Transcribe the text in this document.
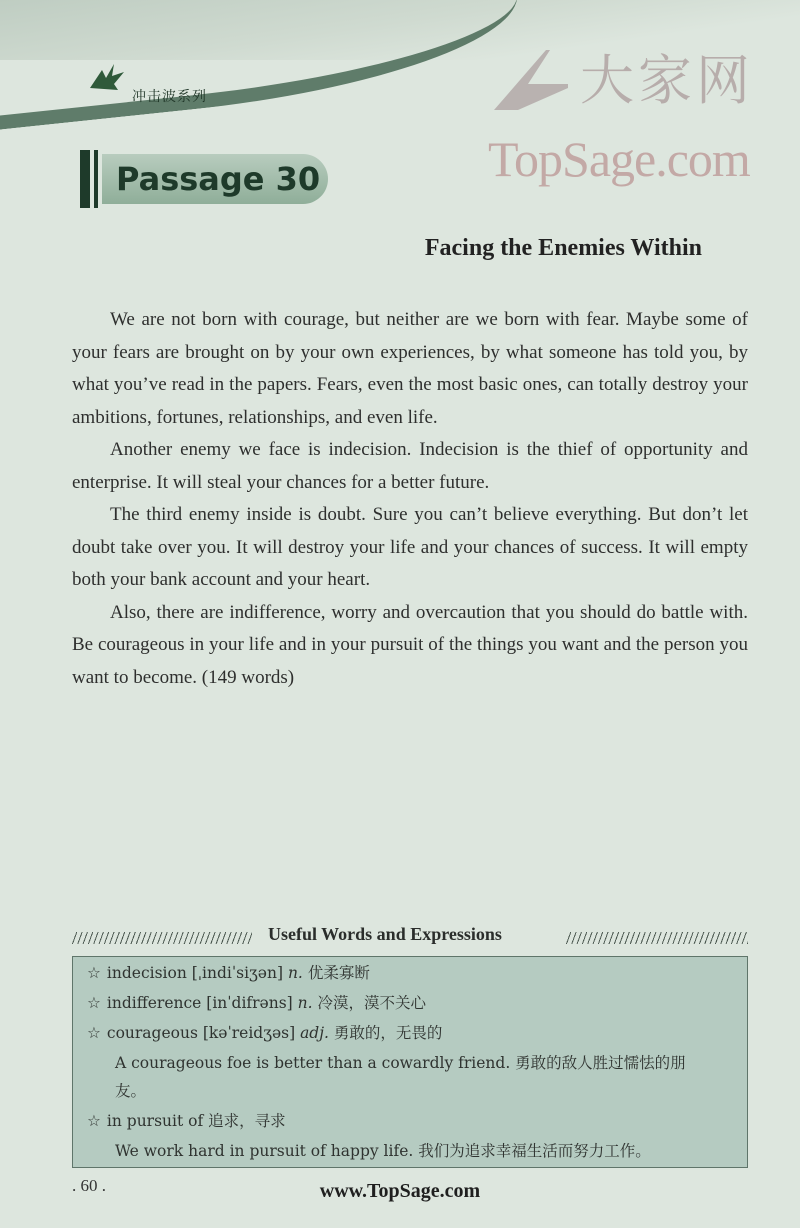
冲击波系列	大家网
TopSage.com
Passage 30
Facing the Enemies Within

We are not born with courage, but neither are we born with fear. Maybe some of your fears are brought on by your own experiences, by what someone has told you, by what you’ve read in the papers. Fears, even the most basic ones, can totally destroy your ambitions, fortunes, relationships, and even life.

Another enemy we face is indecision. Indecision is the thief of opportunity and enterprise. It will steal your chances for a better future.

The third enemy inside is doubt. Sure you can’t believe everything. But don’t let doubt take over you. It will destroy your life and your chances of success. It will empty both your bank account and your heart.

Also, there are indifference, worry and overcaution that you should do battle with. Be courageous in your life and in your pursuit of the things you want and the person you want to become. (149 words)

Useful Words and Expressions
☆ indecision [ˌindiˈsiʒən] n. 优柔寡断
☆ indifference [inˈdifrəns] n. 冷漠，漠不关心
☆ courageous [kəˈreidʒəs] adj. 勇敢的，无畏的
A courageous foe is better than a cowardly friend. 勇敢的敌人胜过懦怯的朋
友。
☆ in pursuit of 追求，寻求
We work hard in pursuit of happy life. 我们为追求幸福生活而努力工作。
. 60 .	www.TopSage.com
